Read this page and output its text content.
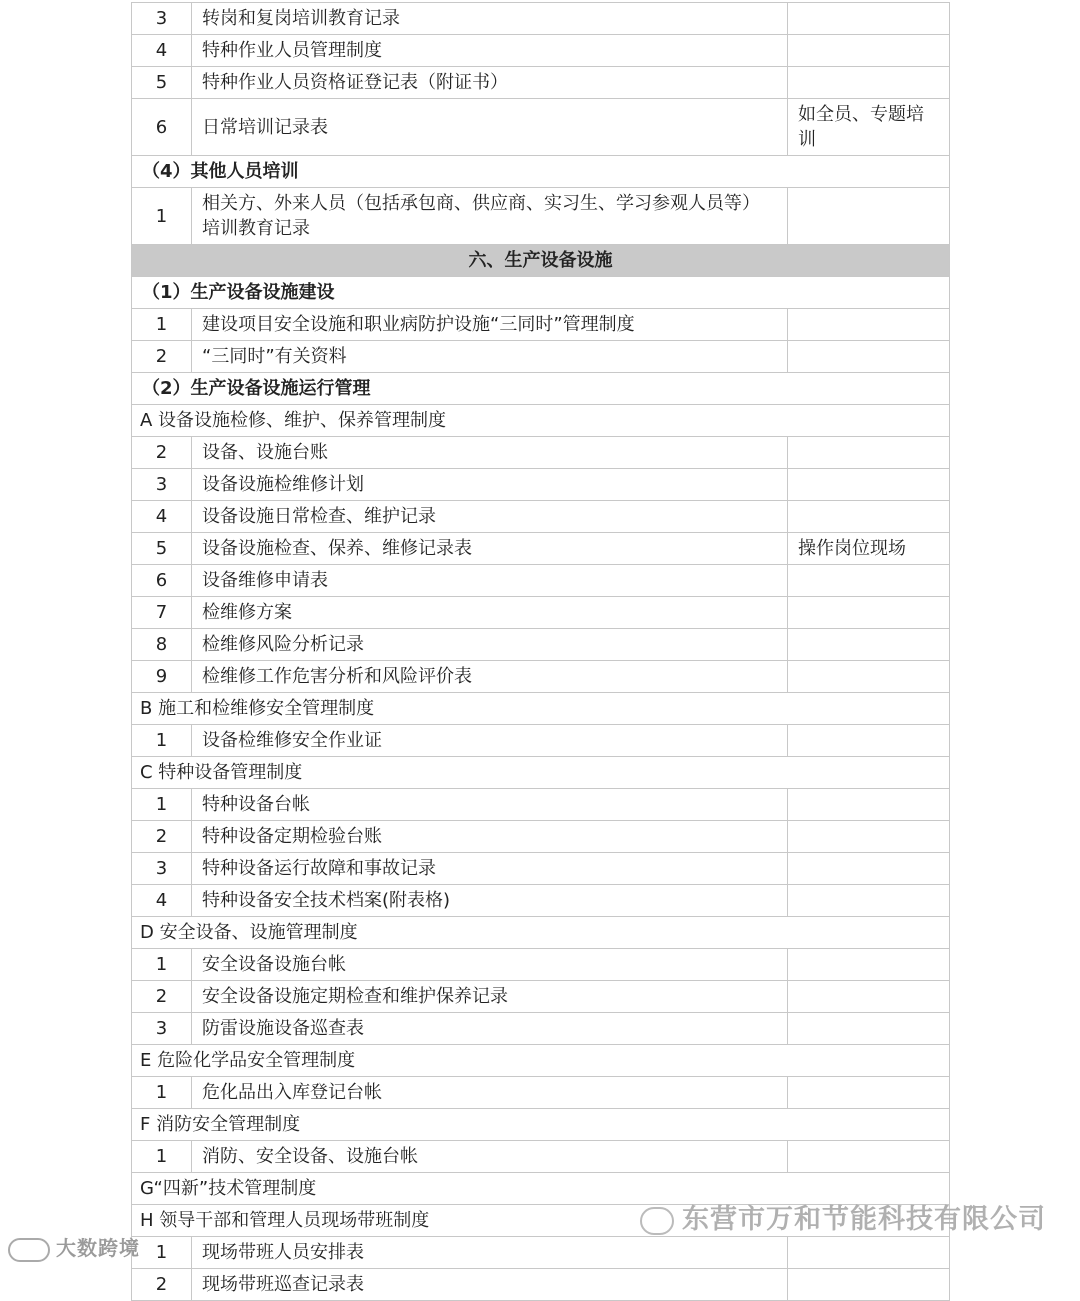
3	转岗和复岗培训教育记录	
4	特种作业人员管理制度	
5	特种作业人员资格证登记表（附证书）	
6	日常培训记录表	如全员、专题培训
（4）其他人员培训		
1	相关方、外来人员（包括承包商、供应商、实习生、学习参观人员等）培训教育记录	
六、生产设备设施		
（1）生产设备设施建设		
1	建设项目安全设施和职业病防护设施“三同时”管理制度	
2	“三同时”有关资料	
（2）生产设备设施运行管理		
A 设备设施检修、维护、保养管理制度		
2	设备、设施台账	
3	设备设施检维修计划	
4	设备设施日常检查、维护记录	
5	设备设施检查、保养、维修记录表	操作岗位现场
6	设备维修申请表	
7	检维修方案	
8	检维修风险分析记录	
9	检维修工作危害分析和风险评价表	
B 施工和检维修安全管理制度		
1	设备检维修安全作业证	
C 特种设备管理制度		
1	特种设备台帐	
2	特种设备定期检验台账	
3	特种设备运行故障和事故记录	
4	特种设备安全技术档案(附表格)	
D 安全设备、设施管理制度		
1	安全设备设施台帐	
2	安全设备设施定期检查和维护保养记录	
3	防雷设施设备巡查表	
E 危险化学品安全管理制度		
1	危化品出入库登记台帐	
F 消防安全管理制度		
1	消防、安全设备、设施台帐	
G“四新”技术管理制度		
H 领导干部和管理人员现场带班制度		
1	现场带班人员安排表	
2	现场带班巡查记录表	
大数跨境
东营市万和节能科技有限公司
